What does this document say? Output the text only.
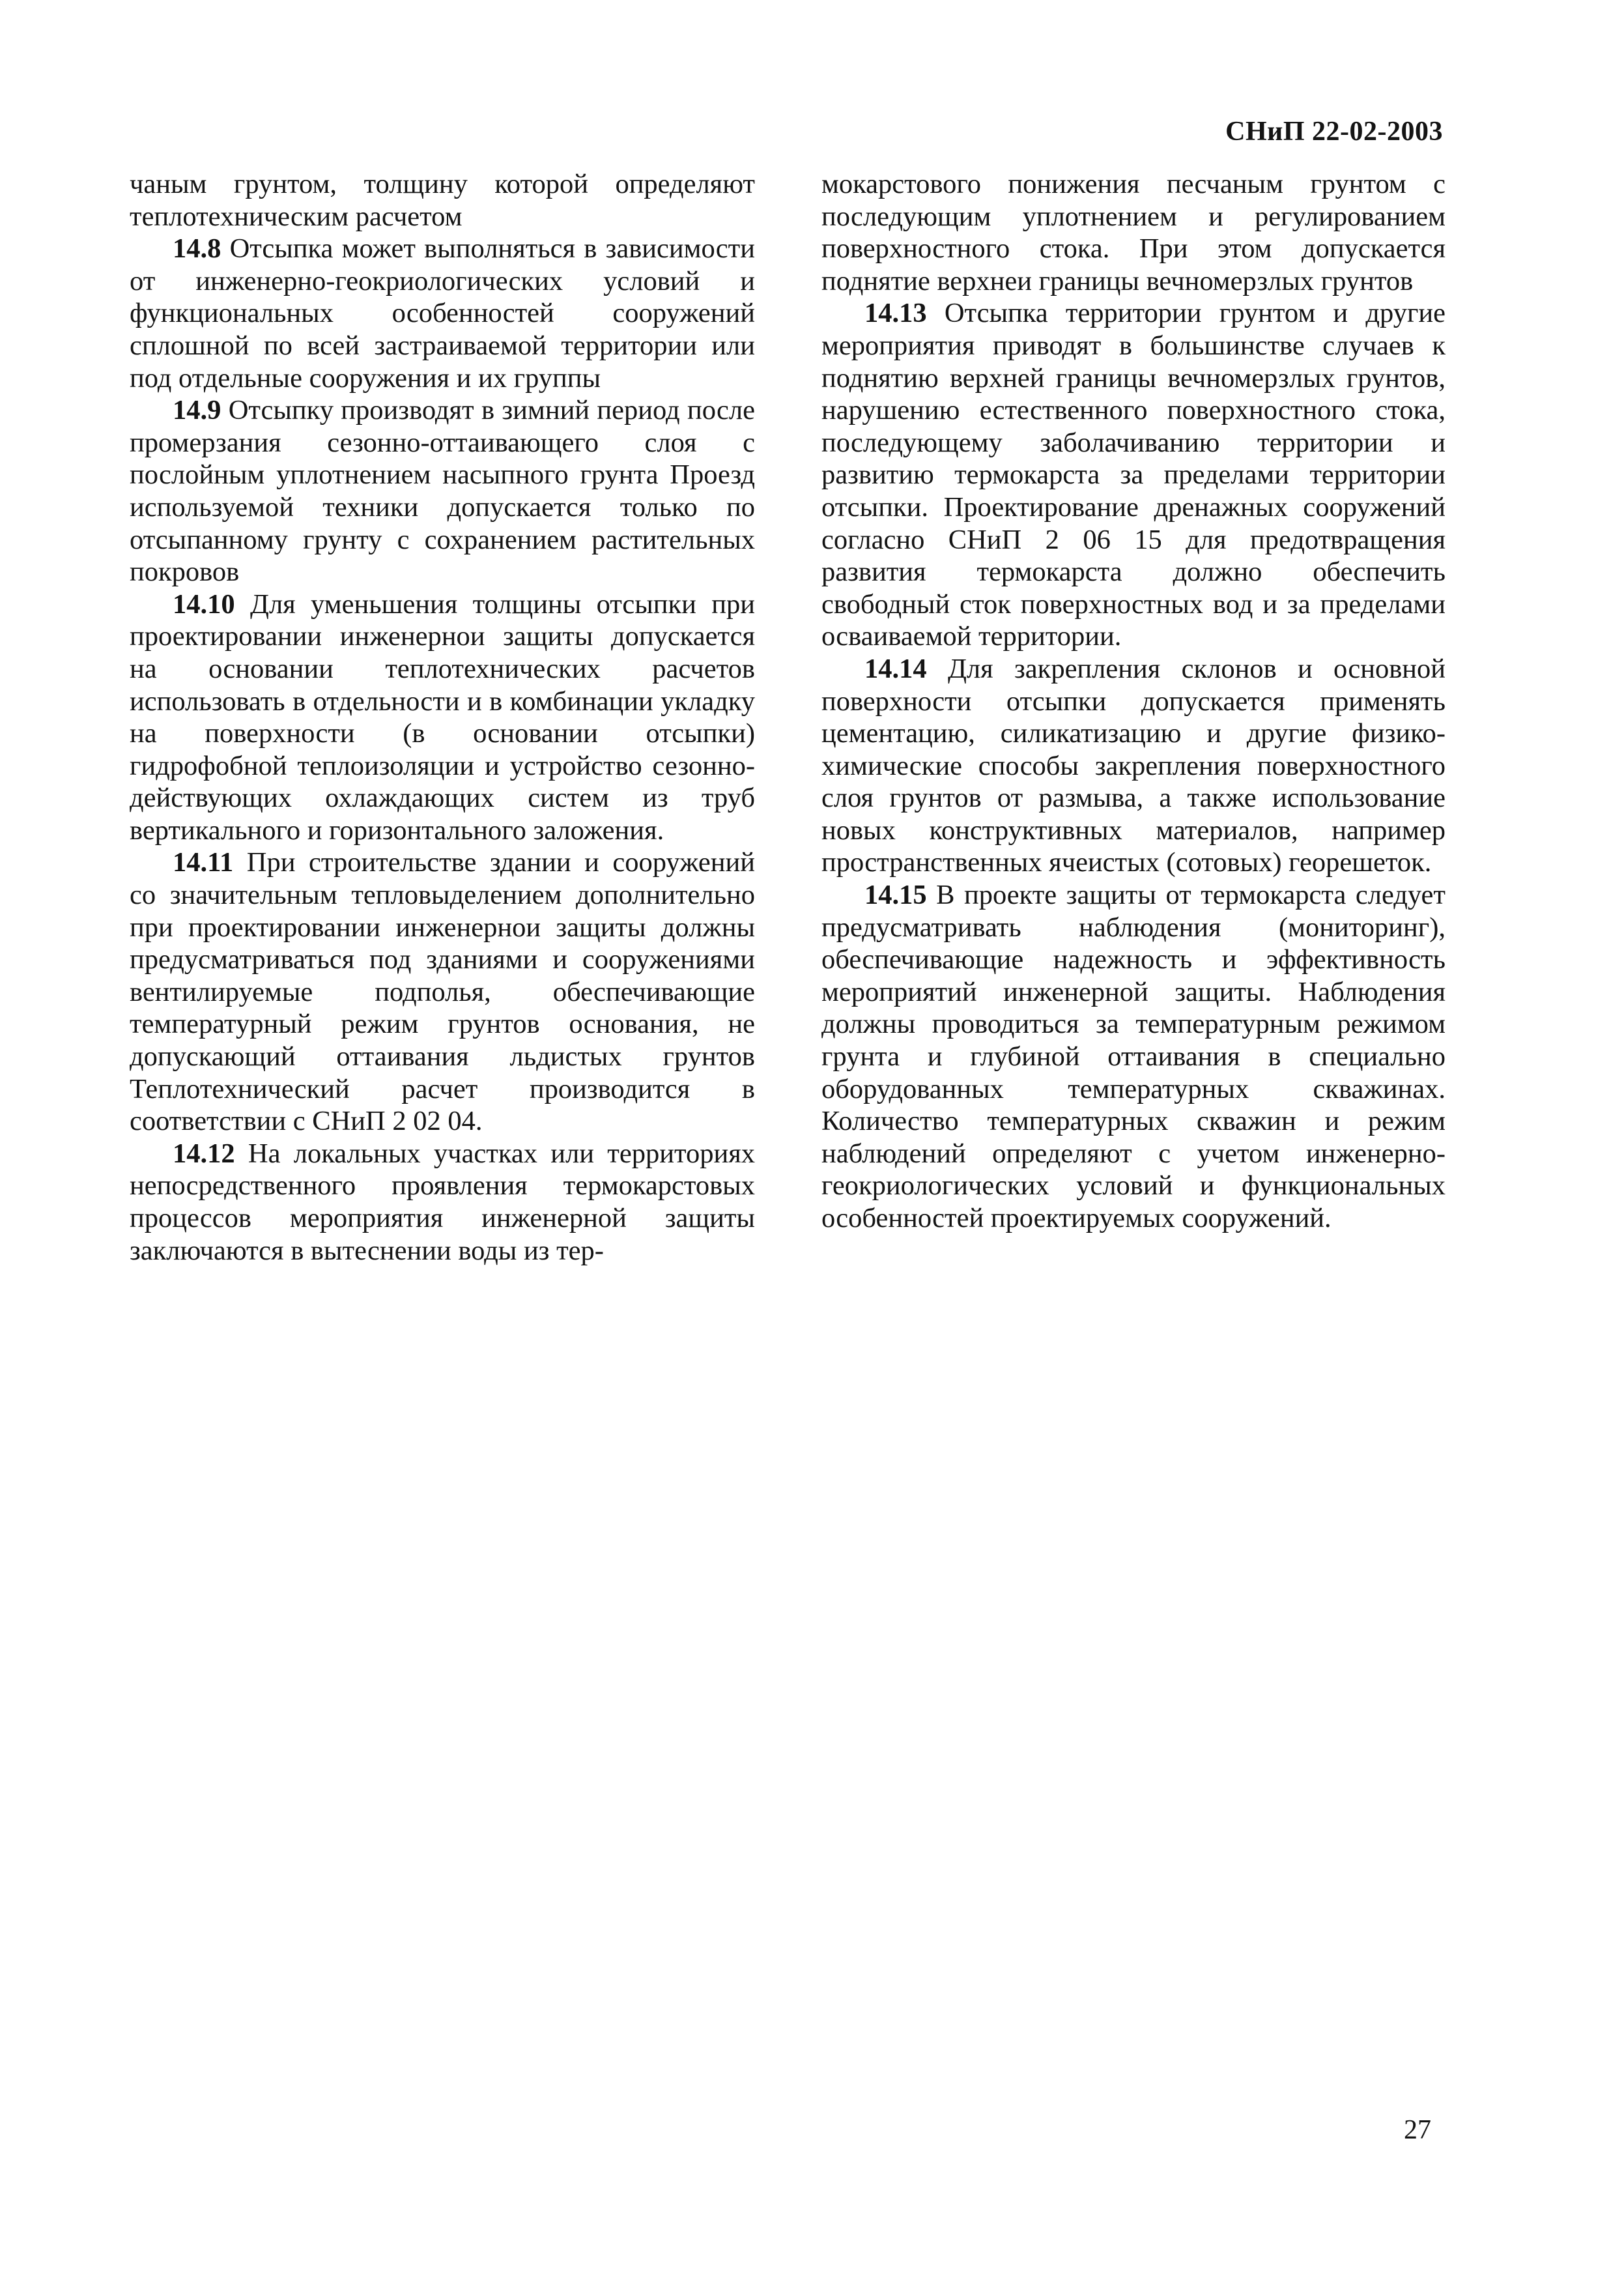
СНиП 22-02-2003

чаным грунтом, толщину которой определяют теплотехническим расчетом

14.8 Отсыпка может выполняться в зависимости от инженерно-геокриологических условий и функциональных особенностей сооружений сплошной по всей застраиваемой территории или под отдельные сооружения и их группы

14.9 Отсыпку производят в зимний период после промерзания сезонно-оттаивающего слоя с послойным уплотнением насыпного грунта Проезд используемой техники допускается только по отсыпанному грунту с сохранением растительных покровов

14.10 Для уменьшения толщины отсыпки при проектировании инженернои защиты допускается на основании теплотехнических расчетов использовать в отдельности и в комбинации укладку на поверхности (в основании отсыпки) гидрофобной теплоизоляции и устройство сезонно-действующих охлаждающих систем из труб вертикального и горизонтального заложения.

14.11 При строительстве здании и сооружений со значительным тепловыделением дополнительно при проектировании инженернои защиты должны предусматриваться под зданиями и сооружениями вентилируемые подполья, обеспечивающие температурный режим грунтов основания, не допускающий оттаивания льдистых грунтов Теплотехнический расчет производится в соответствии с СНиП 2 02 04.

14.12 На локальных участках или территориях непосредственного проявления термокарстовых процессов мероприятия инженерной защиты заключаются в вытеснении воды из тер-

мокарстового понижения песчаным грунтом с последующим уплотнением и регулированием поверхностного стока. При этом допускается поднятие верхнеи границы вечномерзлых грунтов

14.13 Отсыпка территории грунтом и другие мероприятия приводят в большинстве случаев к поднятию верхней границы вечномерзлых грунтов, нарушению естественного поверхностного стока, последующему заболачиванию территории и развитию термокарста за пределами территории отсыпки. Проектирование дренажных сооружений согласно СНиП 2 06 15 для предотвращения развития термокарста должно обеспечить свободный сток поверхностных вод и за пределами осваиваемой территории.

14.14 Для закрепления склонов и основной поверхности отсыпки допускается применять цементацию, силикатизацию и другие физико-химические способы закрепления поверхностного слоя грунтов от размыва, а также использование новых конструктивных материалов, например пространственных ячеистых (сотовых) георешеток.

14.15 В проекте защиты от термокарста следует предусматривать наблюдения (мониторинг), обеспечивающие надежность и эффективность мероприятий инженерной защиты. Наблюдения должны проводиться за температурным режимом грунта и глубиной оттаивания в специально оборудованных температурных скважинах. Количество температурных скважин и режим наблюдений определяют с учетом инженерно-геокриологических условий и функциональных особенностей проектируемых сооружений.

27
